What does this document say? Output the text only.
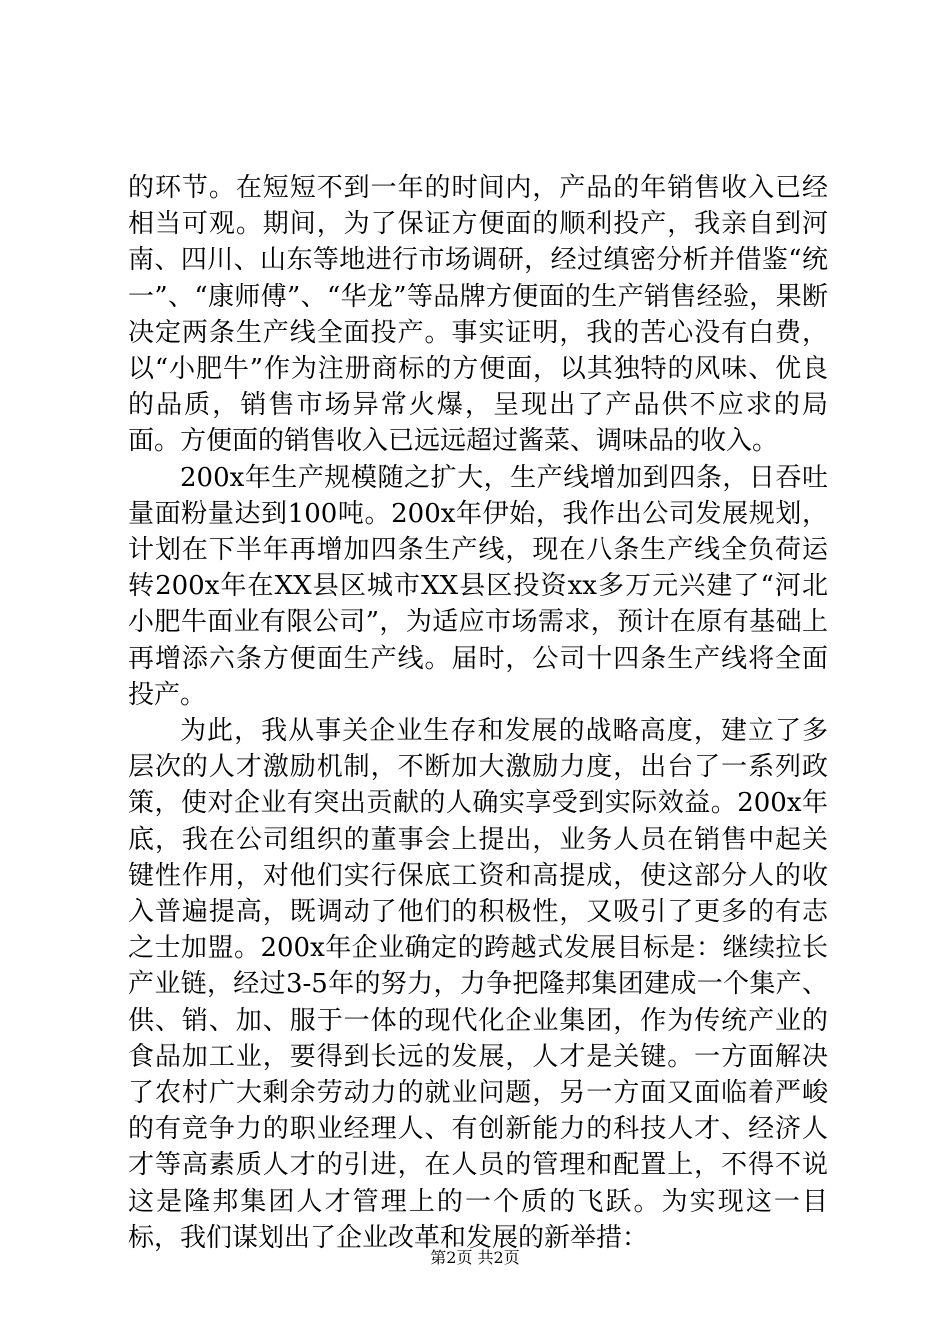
的环节。在短短不到一年的时间内，产品的年销售收入已经相当可观。期间，为了保证方便面的顺利投产，我亲自到河南、四川、山东等地进行市场调研，经过缜密分析并借鉴“统一”、“康师傅”、“华龙”等品牌方便面的生产销售经验，果断决定两条生产线全面投产。事实证明，我的苦心没有白费，以“小肥牛”作为注册商标的方便面，以其独特的风味、优良的品质，销售市场异常火爆，呈现出了产品供不应求的局面。方便面的销售收入已远远超过酱菜、调味品的收入。

200x年生产规模随之扩大，生产线增加到四条，日吞吐量面粉量达到100吨。200x年伊始，我作出公司发展规划，计划在下半年再增加四条生产线，现在八条生产线全负荷运转200x年在XX县区城市XX县区投资xx多万元兴建了“河北小肥牛面业有限公司”，为适应市场需求，预计在原有基础上再增添六条方便面生产线。届时，公司十四条生产线将全面投产。

为此，我从事关企业生存和发展的战略高度，建立了多层次的人才激励机制，不断加大激励力度，出台了一系列政策，使对企业有突出贡献的人确实享受到实际效益。200x年底，我在公司组织的董事会上提出，业务人员在销售中起关键性作用，对他们实行保底工资和高提成，使这部分人的收入普遍提高，既调动了他们的积极性，又吸引了更多的有志之士加盟。200x年企业确定的跨越式发展目标是：继续拉长产业链，经过3-5年的努力，力争把隆邦集团建成一个集产、供、销、加、服于一体的现代化企业集团，作为传统产业的食品加工业，要得到长远的发展，人才是关键。一方面解决了农村广大剩余劳动力的就业问题，另一方面又面临着严峻的有竞争力的职业经理人、有创新能力的科技人才、经济人才等高素质人才的引进，在人员的管理和配置上，不得不说这是隆邦集团人才管理上的一个质的飞跃。为实现这一目标，我们谋划出了企业改革和发展的新举措：

第2页 共2页
